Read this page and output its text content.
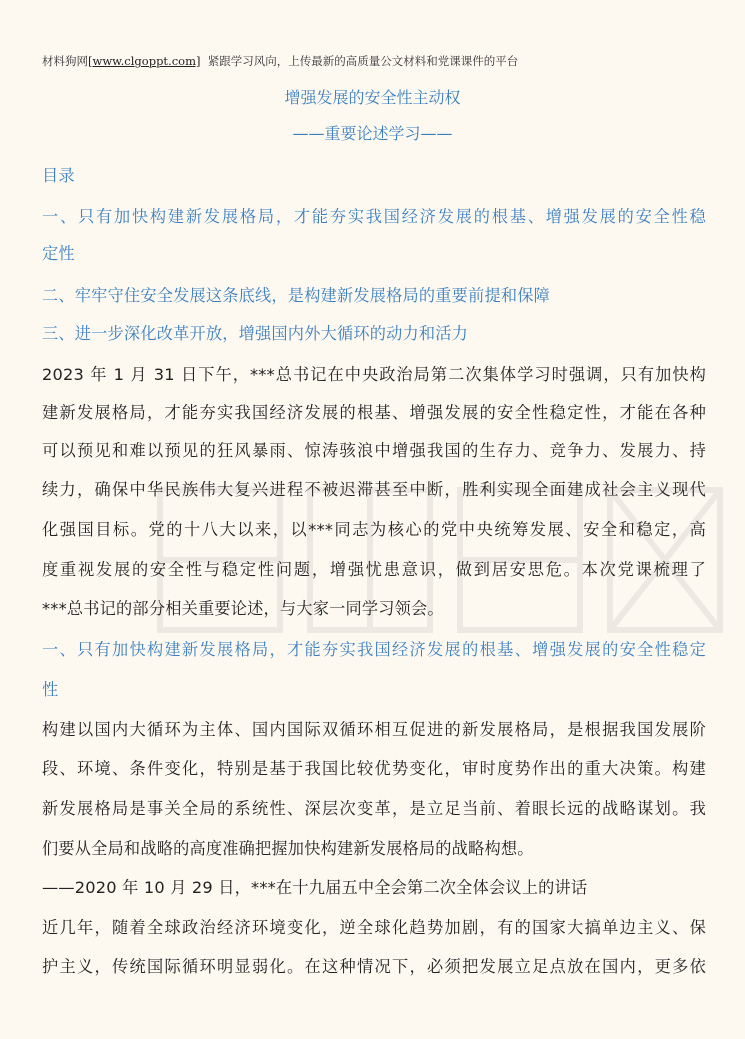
材料狗网[www.clgoppt.com] 紧跟学习风向，上传最新的高质量公文材料和党课课件的平台
增强发展的安全性主动权
——重要论述学习——
目录
一、只有加快构建新发展格局，才能夯实我国经济发展的根基、增强发展的安全性稳
定性
二、牢牢守住安全发展这条底线，是构建新发展格局的重要前提和保障
三、进一步深化改革开放，增强国内外大循环的动力和活力
2023 年 1 月 31 日下午，***总书记在中央政治局第二次集体学习时强调，只有加快构
建新发展格局，才能夯实我国经济发展的根基、增强发展的安全性稳定性，才能在各种
可以预见和难以预见的狂风暴雨、惊涛骇浪中增强我国的生存力、竞争力、发展力、持
续力，确保中华民族伟大复兴进程不被迟滞甚至中断，胜利实现全面建成社会主义现代
化强国目标。党的十八大以来，以***同志为核心的党中央统筹发展、安全和稳定，高
度重视发展的安全性与稳定性问题，增强忧患意识，做到居安思危。本次党课梳理了
***总书记的部分相关重要论述，与大家一同学习领会。
一、只有加快构建新发展格局，才能夯实我国经济发展的根基、增强发展的安全性稳定
性
构建以国内大循环为主体、国内国际双循环相互促进的新发展格局，是根据我国发展阶
段、环境、条件变化，特别是基于我国比较优势变化，审时度势作出的重大决策。构建
新发展格局是事关全局的系统性、深层次变革，是立足当前、着眼长远的战略谋划。我
们要从全局和战略的高度准确把握加快构建新发展格局的战略构想。
——2020 年 10 月 29 日，***在十九届五中全会第二次全体会议上的讲话
近几年，随着全球政治经济环境变化，逆全球化趋势加剧，有的国家大搞单边主义、保
护主义，传统国际循环明显弱化。在这种情况下，必须把发展立足点放在国内，更多依
